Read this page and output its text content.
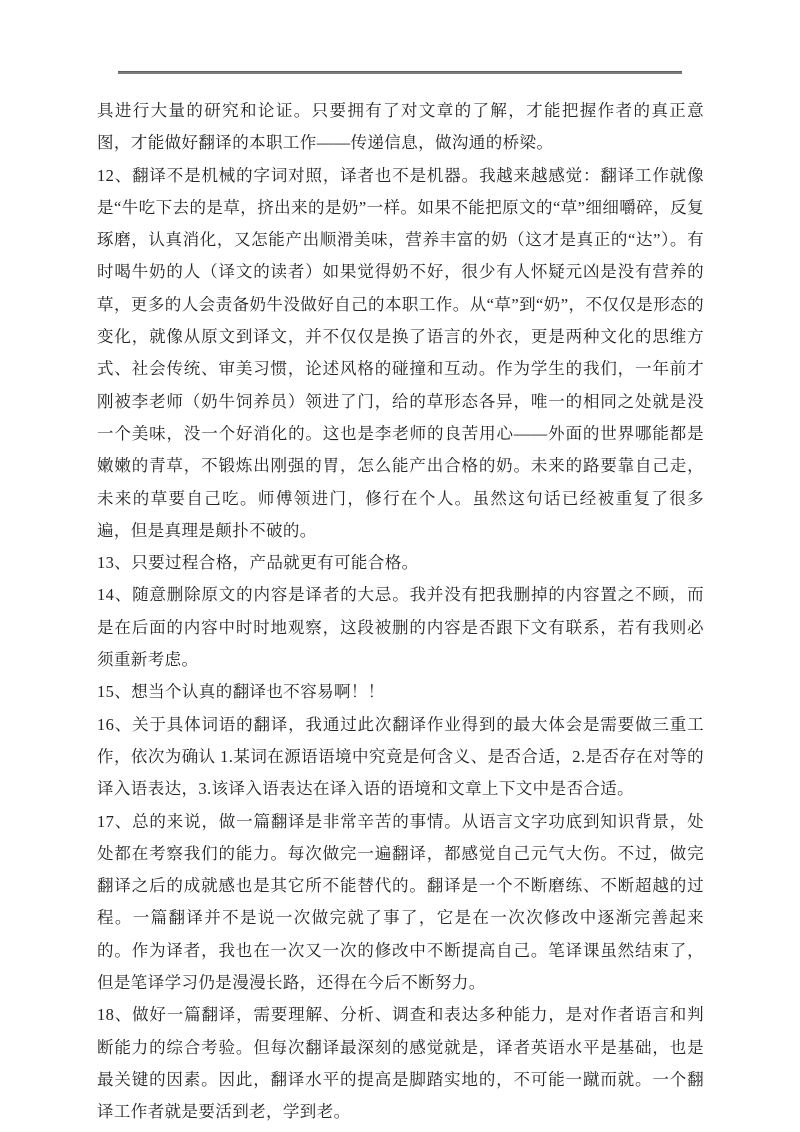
具进行大量的研究和论证。只要拥有了对文章的了解，才能把握作者的真正意图，才能做好翻译的本职工作——传递信息，做沟通的桥梁。

12、翻译不是机械的字词对照，译者也不是机器。我越来越感觉：翻译工作就像是“牛吃下去的是草，挤出来的是奶”一样。如果不能把原文的“草”细细嚼碎，反复琢磨，认真消化，又怎能产出顺滑美味，营养丰富的奶（这才是真正的“达”）。有时喝牛奶的人（译文的读者）如果觉得奶不好，很少有人怀疑元凶是没有营养的草，更多的人会责备奶牛没做好自己的本职工作。从“草”到“奶”，不仅仅是形态的变化，就像从原文到译文，并不仅仅是换了语言的外衣，更是两种文化的思维方式、社会传统、审美习惯，论述风格的碰撞和互动。作为学生的我们，一年前才刚被李老师（奶牛饲养员）领进了门，给的草形态各异，唯一的相同之处就是没一个美味，没一个好消化的。这也是李老师的良苦用心——外面的世界哪能都是嫩嫩的青草，不锻炼出刚强的胃，怎么能产出合格的奶。未来的路要靠自己走，未来的草要自己吃。师傅领进门，修行在个人。虽然这句话已经被重复了很多遍，但是真理是颠扑不破的。

13、只要过程合格，产品就更有可能合格。

14、随意删除原文的内容是译者的大忌。我并没有把我删掉的内容置之不顾，而是在后面的内容中时时地观察，这段被删的内容是否跟下文有联系，若有我则必须重新考虑。

15、想当个认真的翻译也不容易啊！！

16、关于具体词语的翻译，我通过此次翻译作业得到的最大体会是需要做三重工作，依次为确认 1.某词在源语语境中究竟是何含义、是否合适，2.是否存在对等的译入语表达，3.该译入语表达在译入语的语境和文章上下文中是否合适。

17、总的来说，做一篇翻译是非常辛苦的事情。从语言文字功底到知识背景，处处都在考察我们的能力。每次做完一遍翻译，都感觉自己元气大伤。不过，做完翻译之后的成就感也是其它所不能替代的。翻译是一个不断磨练、不断超越的过程。一篇翻译并不是说一次做完就了事了，它是在一次次修改中逐渐完善起来的。作为译者，我也在一次又一次的修改中不断提高自己。笔译课虽然结束了，但是笔译学习仍是漫漫长路，还得在今后不断努力。

18、做好一篇翻译，需要理解、分析、调查和表达多种能力，是对作者语言和判断能力的综合考验。但每次翻译最深刻的感觉就是，译者英语水平是基础，也是最关键的因素。因此，翻译水平的提高是脚踏实地的，不可能一蹴而就。一个翻译工作者就是要活到老，学到老。
